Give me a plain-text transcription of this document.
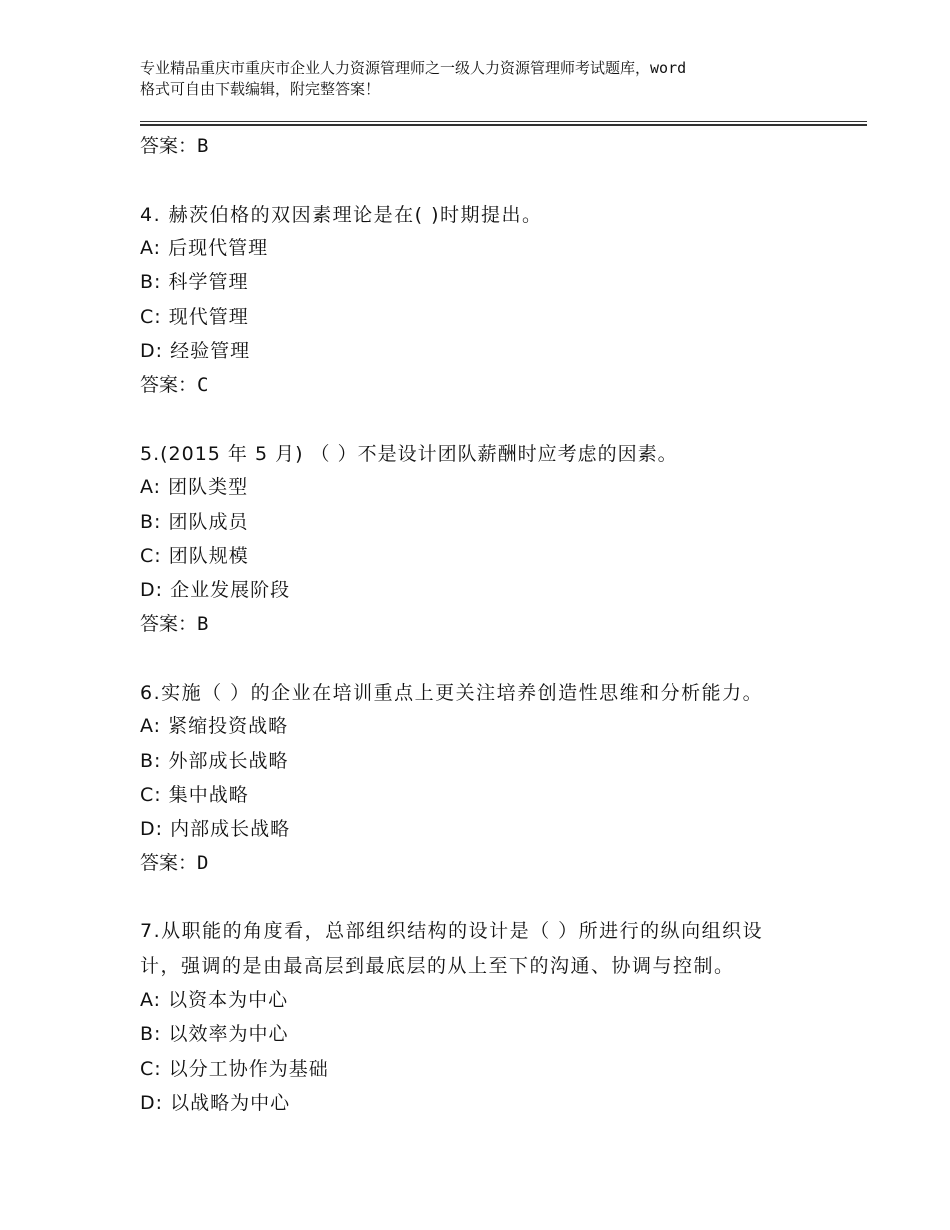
专业精品重庆市重庆市企业人力资源管理师之一级人力资源管理师考试题库，word
格式可自由下载编辑，附完整答案！
答案：B
4. 赫茨伯格的双因素理论是在( )时期提出。
A: 后现代管理
B: 科学管理
C: 现代管理
D: 经验管理
答案：C
5.(2015 年 5 月) （ ）不是设计团队薪酬时应考虑的因素。
A: 团队类型
B: 团队成员
C: 团队规模
D: 企业发展阶段
答案：B
6.实施（ ）的企业在培训重点上更关注培养创造性思维和分析能力。
A: 紧缩投资战略
B: 外部成长战略
C: 集中战略
D: 内部成长战略
答案：D
7.从职能的角度看，总部组织结构的设计是（ ）所进行的纵向组织设
计，强调的是由最高层到最底层的从上至下的沟通、协调与控制。
A: 以资本为中心
B: 以效率为中心
C: 以分工协作为基础
D: 以战略为中心
